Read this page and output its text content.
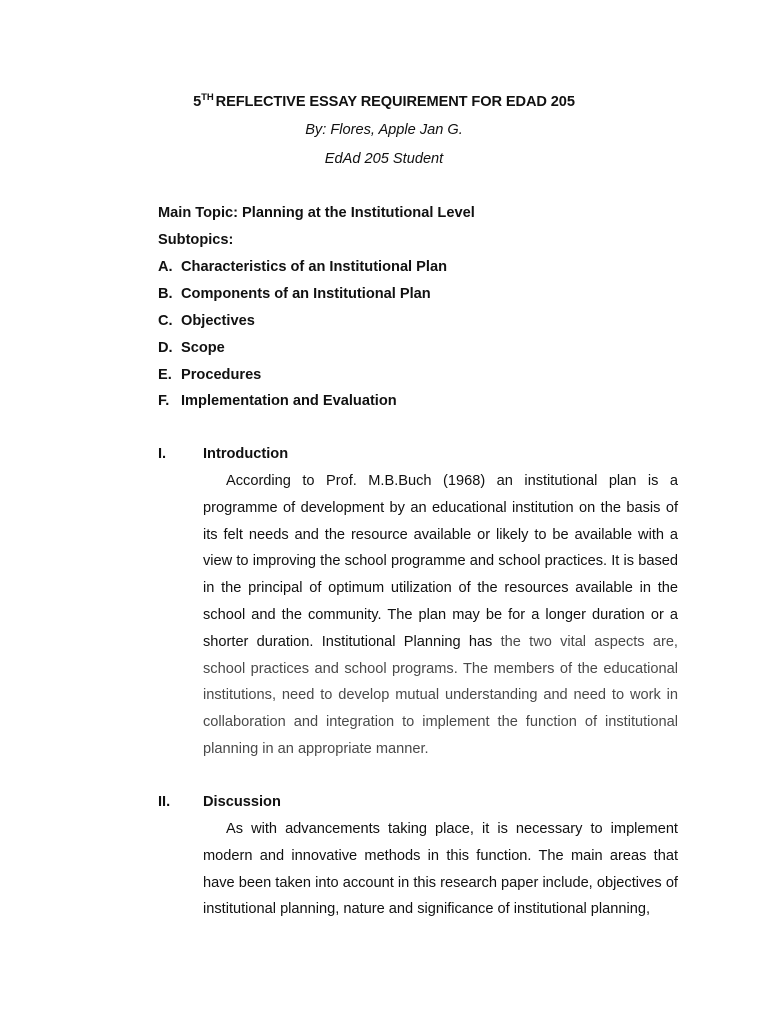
5TH REFLECTIVE ESSAY REQUIREMENT FOR EDAD 205
By: Flores, Apple Jan G.
EdAd 205 Student
Main Topic: Planning at the Institutional Level
Subtopics:
A. Characteristics of an Institutional Plan
B. Components of an Institutional Plan
C. Objectives
D. Scope
E. Procedures
F. Implementation and Evaluation
I.	Introduction

According to Prof. M.B.Buch (1968) an institutional plan is a programme of development by an educational institution on the basis of its felt needs and the resource available or likely to be available with a view to improving the school programme and school practices. It is based in the principal of optimum utilization of the resources available in the school and the community. The plan may be for a longer duration or a shorter duration. Institutional Planning has the two vital aspects are, school practices and school programs. The members of the educational institutions, need to develop mutual understanding and need to work in collaboration and integration to implement the function of institutional planning in an appropriate manner.

II. Discussion

As with advancements taking place, it is necessary to implement modern and innovative methods in this function. The main areas that have been taken into account in this research paper include, objectives of institutional planning, nature and significance of institutional planning,
